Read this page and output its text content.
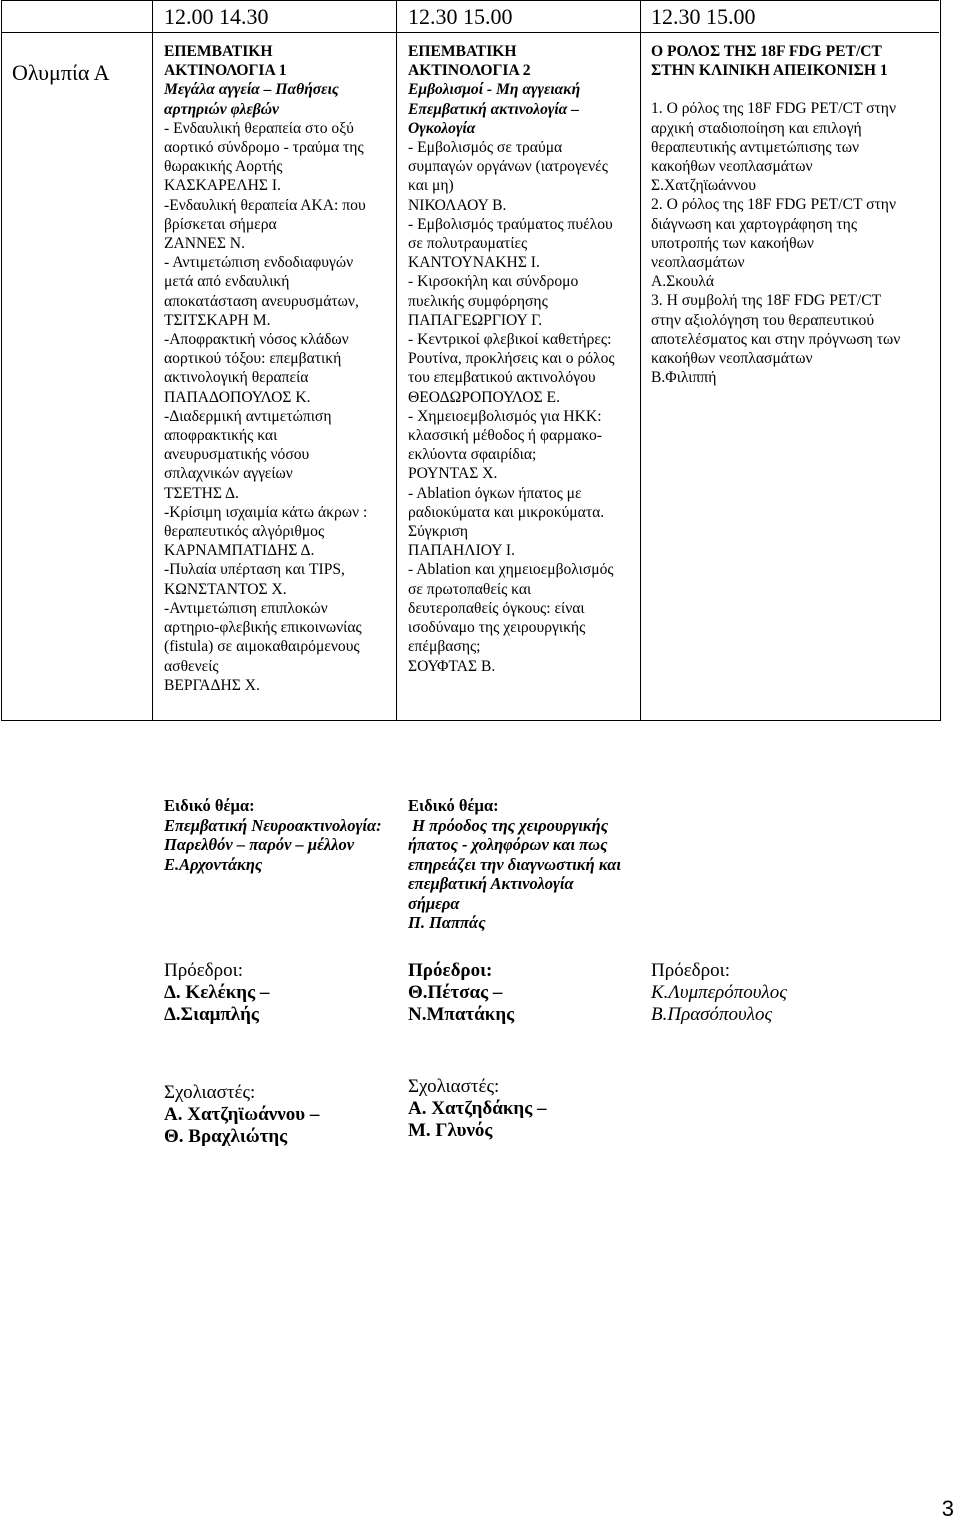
12.00 14.30	12.30 15.00	12.30 15.00
Ολυμπία Α
ΕΠΕΜΒΑΤΙΚΗ
ΑΚΤΙΝΟΛΟΓΙΑ 1
Μεγάλα αγγεία – Παθήσεις
αρτηριών φλεβών
- Ενδαυλική θεραπεία στο οξύ
αορτικό σύνδρομο - τραύμα της
θωρακικής Αορτής
ΚΑΣΚΑΡΕΛΗΣ Ι.
-Ενδαυλική θεραπεία ΑΚΑ: που
βρίσκεται σήμερα
ΖΑΝΝΕΣ Ν.
- Αντιμετώπιση ενδοδιαφυγών
μετά από ενδαυλική
αποκατάσταση ανευρυσμάτων,
ΤΣΙΤΣΚΑΡΗ Μ.
-Αποφρακτική νόσος κλάδων
αορτικού τόξου: επεμβατική
ακτινολογική θεραπεία
ΠΑΠΑΔΟΠΟΥΛΟΣ Κ.
-Διαδερμική αντιμετώπιση
αποφρακτικής και
ανευρυσματικής νόσου
σπλαχνικών αγγείων
ΤΣΕΤΗΣ Δ.
-Κρίσιμη ισχαιμία κάτω άκρων :
θεραπευτικός αλγόριθμος
ΚΑΡΝΑΜΠΑΤΙΔΗΣ Δ.
-Πυλαία υπέρταση και TIPS,
ΚΩΝΣΤΑΝΤΟΣ Χ.
-Αντιμετώπιση επιπλοκών
αρτηριο-φλεβικής επικοινωνίας
(fistula) σε αιμοκαθαιρόμενους
ασθενείς
ΒΕΡΓΑΔΗΣ Χ.
ΕΠΕΜΒΑΤΙΚΗ
ΑΚΤΙΝΟΛΟΓΙΑ 2
Εμβολισμοί - Μη αγγειακή
Επεμβατική ακτινολογία –
Ογκολογία
- Εμβολισμός σε τραύμα
συμπαγών οργάνων (ιατρογενές
και μη)
ΝΙΚΟΛΑΟΥ Β.
- Εμβολισμός τραύματος πυέλου
σε πολυτραυματίες
ΚΑΝΤΟΥΝΑΚΗΣ Ι.
- Κιρσοκήλη και σύνδρομο
πυελικής συμφόρησης
ΠΑΠΑΓΕΩΡΓΙΟΥ Γ.
- Κεντρικοί φλεβικοί καθετήρες:
Ρουτίνα, προκλήσεις και ο ρόλος
του επεμβατικού ακτινολόγου
ΘΕΟΔΩΡΟΠΟΥΛΟΣ Ε.
- Χημειοεμβολισμός για ΗΚΚ:
κλασσική μέθοδος ή φαρμακο-
εκλύοντα σφαιρίδια;
ΡΟΥΝΤΑΣ Χ.
- Ablation όγκων ήπατος με
ραδιοκύματα και μικροκύματα.
Σύγκριση
ΠΑΠΑΗΛΙΟΥ Ι.
- Ablation και χημειοεμβολισμός
σε πρωτοπαθείς και
δευτεροπαθείς όγκους: είναι
ισοδύναμο της χειρουργικής
επέμβασης;
ΣΟΥΦΤΑΣ Β.
Ο ΡΟΛΟΣ ΤΗΣ 18F FDG PET/CT
ΣΤΗΝ ΚΛΙΝΙΚΗ ΑΠΕΙΚΟΝΙΣΗ 1
1. Ο ρόλος της 18F FDG PET/CT στην
αρχική σταδιοποίηση και επιλογή
θεραπευτικής αντιμετώπισης των
κακοήθων νεοπλασμάτων
Σ.Χατζηϊωάννου
2. Ο ρόλος της 18F FDG PET/CT στην
διάγνωση και χαρτογράφηση της
υποτροπής των κακοήθων
νεοπλασμάτων
Α.Σκουλά
3. Η συμβολή της 18F FDG PET/CT
στην αξιολόγηση του θεραπευτικού
αποτελέσματος και στην πρόγνωση των
κακοήθων νεοπλασμάτων
Β.Φιλιππή
Ειδικό θέμα:
Επεμβατική Νευροακτινολογία:
Παρελθόν – παρόν – μέλλον
Ε.Αρχοντάκης
Ειδικό θέμα:
Η πρόοδος της χειρουργικής
ήπατος - χοληφόρων και πως
επηρεάζει την διαγνωστική και
επεμβατική Ακτινολογία
σήμερα
Π. Παππάς
Πρόεδροι:
Δ. Κελέκης –
Δ.Σιαμπλής
Πρόεδροι:
Θ.Πέτσας –
Ν.Μπατάκης
Πρόεδροι:
Κ.Λυμπερόπουλος
Β.Πρασόπουλος
Σχολιαστές:
Α. Χατζηϊωάννου –
Θ. Βραχλιώτης
Σχολιαστές:
Α. Χατζηδάκης –
Μ. Γλυνός
3
